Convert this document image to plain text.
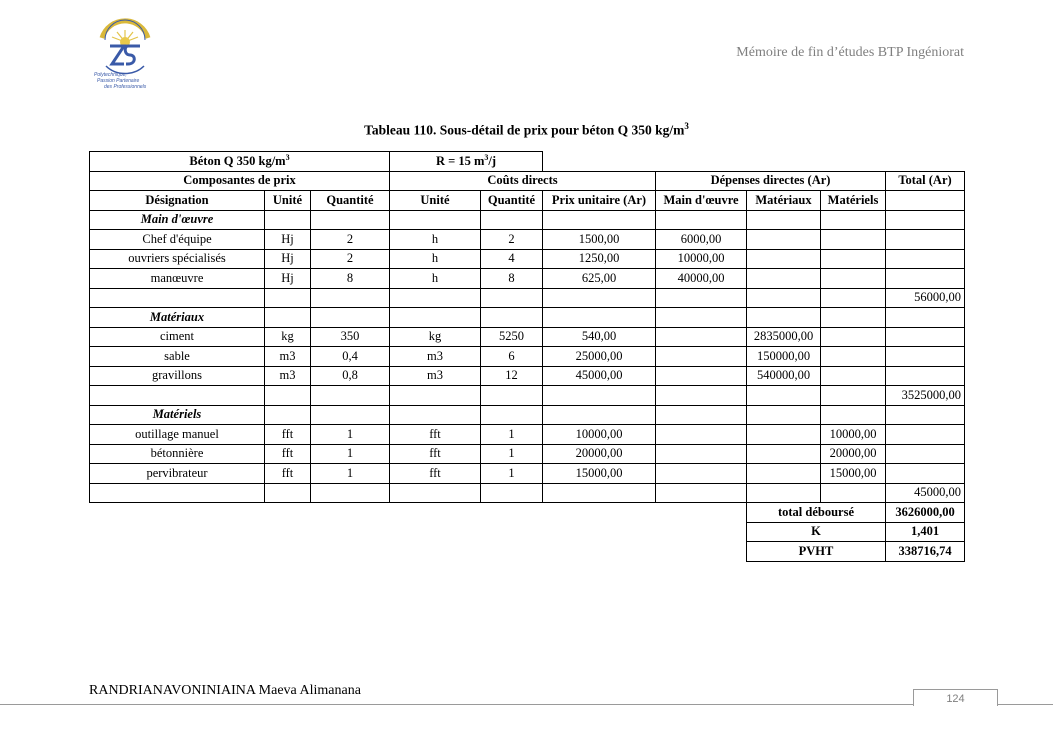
Polytechnique,
Passion Partenaire
des Professionnels
Mémoire de fin d’études BTP Ingéniorat
Tableau 110. Sous-détail de prix pour béton Q 350 $kg/m^3$
Béton Q 350 $kg/m^3$			R = 15 $m^3/j$						
Composantes de prix			Coûts directs			Dépenses directes (Ar)			Total (Ar)
Désignation	Unité	Quantité	Unité	Quantité	Prix unitaire (Ar)	Main d'œuvre	Matériaux	Matériels	
Main d'œuvre									
Chef d'équipe	Hj	2	h	2	1500,00	6000,00			
ouvriers spécialisés	Hj	2	h	4	1250,00	10000,00			
manœuvre	Hj	8	h	8	625,00	40000,00			
									56000,00
Matériaux									
ciment	kg	350	kg	5250	540,00		2835000,00		
sable	m3	0,4	m3	6	25000,00		150000,00		
gravillons	m3	0,8	m3	12	45000,00		540000,00		
									3525000,00
Matériels									
outillage manuel	fft	1	fft	1	10000,00			10000,00	
bétonnière	fft	1	fft	1	20000,00			20000,00	
pervibrateur	fft	1	fft	1	15000,00			15000,00	
									45000,00
							total déboursé		3626000,00
							K		1,401
							PVHT		338716,74
RANDRIANAVONINIAINA Maeva Alimanana
124
